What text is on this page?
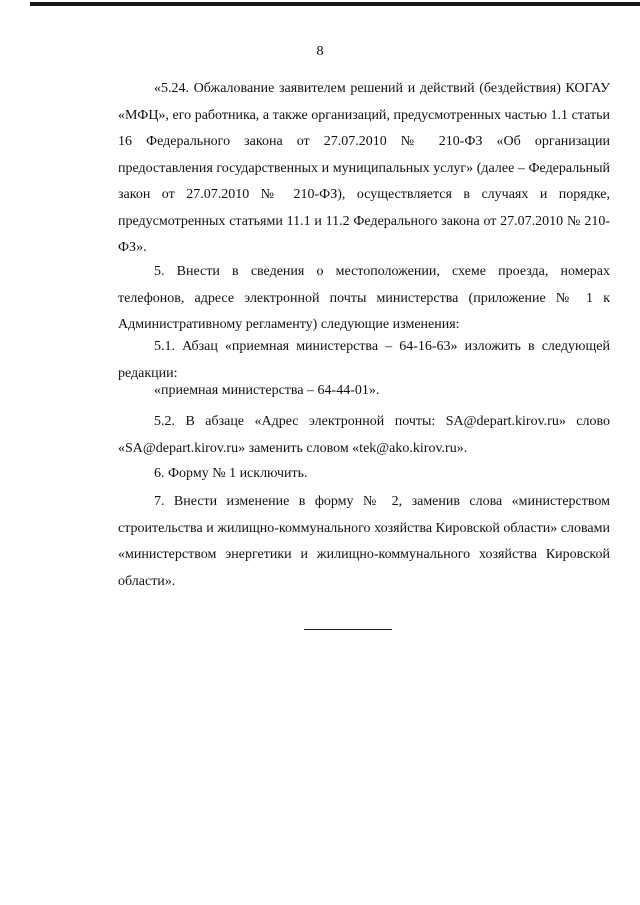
8

«5.24. Обжалование заявителем решений и действий (бездействия) КОГАУ «МФЦ», его работника, а также организаций, предусмотренных частью 1.1 статьи 16 Федерального закона от 27.07.2010 № 210-ФЗ «Об организации предоставления государственных и муниципальных услуг» (далее – Федеральный закон от 27.07.2010 № 210-ФЗ), осуществляется в случаях и порядке, предусмотренных статьями 11.1 и 11.2 Федерального закона от 27.07.2010 № 210-ФЗ».

5. Внести в сведения о местоположении, схеме проезда, номерах телефонов, адресе электронной почты министерства (приложение № 1 к Административному регламенту) следующие изменения:

5.1. Абзац «приемная министерства – 64-16-63» изложить в следующей редакции:

«приемная министерства – 64-44-01».

5.2. В абзаце «Адрес электронной почты: SA@depart.kirov.ru» слово «SA@depart.kirov.ru» заменить словом «tek@ako.kirov.ru».

6. Форму № 1 исключить.

7. Внести изменение в форму № 2, заменив слова «министерством строительства и жилищно-коммунального хозяйства Кировской области» словами «министерством энергетики и жилищно-коммунального хозяйства Кировской области».
